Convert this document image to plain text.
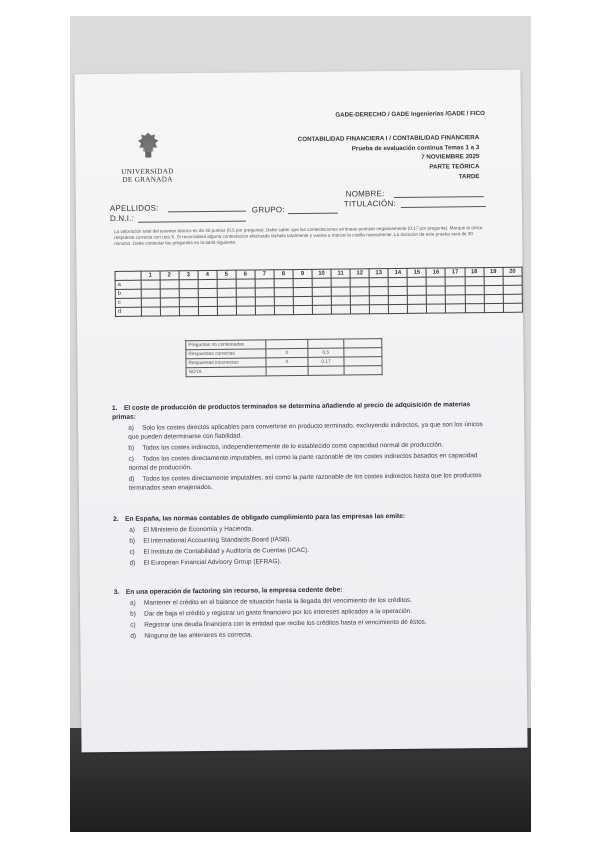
UNIVERSIDAD
DE GRANADA
GADE-DERECHO / GADE Ingenierías /GADE / FICO
CONTABILIDAD FINANCIERA I / CONTABILIDAD FINANCIERA
Prueba de evaluación continua Temas 1 a 3
7 NOVIEMBRE 2025
PARTE TEÓRICA
TARDE
NOMBRE:
APELLIDOS:	GRUPO:
TITULACIÓN:
D.N.I.:
La valoración total del examen teórico es de 30 puntos (0,5 por pregunta). Debe saber que las contestaciones erróneas puntúan negativamente (0,17 por pregunta). Marque la única respuesta correcta con una X. Si reconsidera alguna contestación efectuada táchela totalmente y vuelva a marcar la casilla nuevamente. La duración de este prueba será de 30 minutos. Debe contestar las preguntas en la tabla siguiente:
	1	2	3	4	5	6	7	8	9	10	11	12	13	14	15	16	17	18	19	20
a																				
b																				
c																				
d																				
Preguntas no contestadas			
Respuestas correctas	X	0,5	
Respuestas incorrectas	X	0,17	
NOTA			
1. El coste de producción de productos terminados se determina añadiendo al precio de adquisición de materias primas:
a) Solo los costes directos aplicables para convertirse en producto terminado, excluyendo indirectos, ya que son los únicos que pueden determinarse con fiabilidad.
b) Todos los costes indirectos, independientemente de lo establecido como capacidad normal de producción.
c) Todos los costes directamente imputables, así como la parte razonable de los costes indirectos basados en capacidad normal de producción.
d) Todos los costes directamente imputables, así como la parte razonable de los costes indirectos hasta que los productos terminados sean enajenados.
2. En España, las normas contables de obligado cumplimiento para las empresas las emite:
a) El Ministerio de Economía y Hacienda.
b) El International Accounting Standards Board (IASB).
c) El Instituto de Contabilidad y Auditoría de Cuentas (ICAC).
d) El European Financial Advisory Group (EFRAG).
3. En una operación de factoring sin recurso, la empresa cedente debe:
a) Mantener el crédito en el balance de situación hasta la llegada del vencimiento de los créditos.
b) Dar de baja el crédito y registrar un gasto financiero por los intereses aplicados a la operación.
c) Registrar una deuda financiera con la entidad que recibe los créditos hasta el vencimiento de éstos.
d) Ninguna de las anteriores es correcta.
